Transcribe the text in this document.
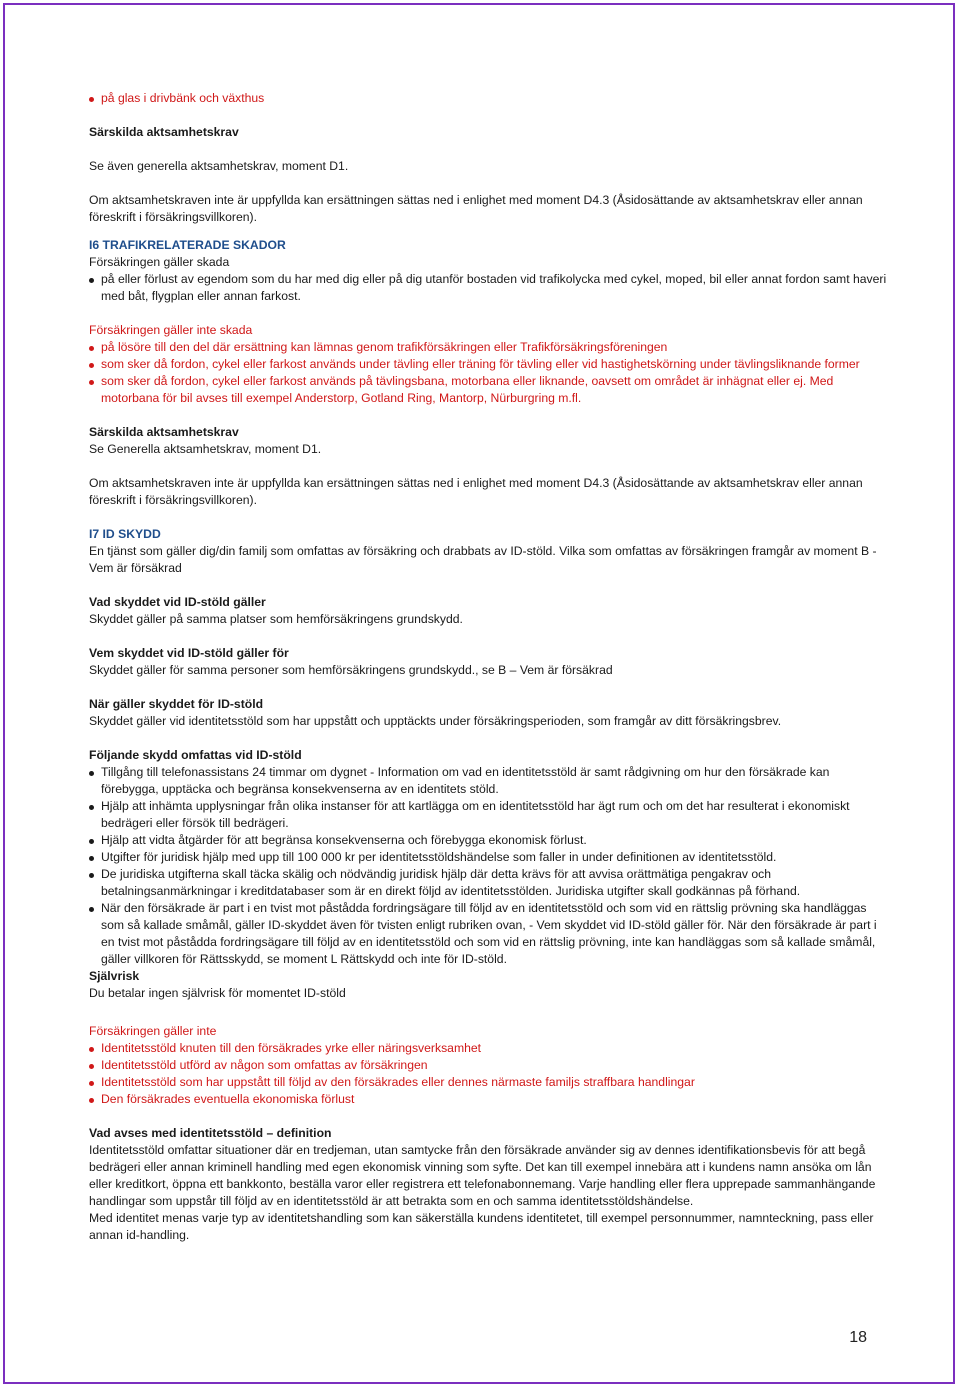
på glas i drivbänk och växthus

Särskilda aktsamhetskrav

Se även generella aktsamhetskrav, moment D1.

Om aktsamhetskraven inte är uppfyllda kan ersättningen sättas ned i enlighet med moment D4.3 (Åsidosättande av aktsamhetskrav eller annan föreskrift i försäkringsvillkoren).

I6 TRAFIKRELATERADE SKADOR

Försäkringen gäller skada

på eller förlust av egendom som du har med dig eller på dig utanför bostaden vid trafikolycka med cykel, moped, bil eller annat fordon samt haveri med båt, flygplan eller annan farkost.

Försäkringen gäller inte skada

på lösöre till den del där ersättning kan lämnas genom trafikförsäkringen eller Trafikförsäkringsföreningen
som sker då fordon, cykel eller farkost används under tävling eller träning för tävling eller vid hastighetskörning under tävlingsliknande former
som sker då fordon, cykel eller farkost används på tävlingsbana, motorbana eller liknande, oavsett om området är inhägnat eller ej. Med motorbana för bil avses till exempel Anderstorp, Gotland Ring, Mantorp, Nürburgring m.fl.

Särskilda aktsamhetskrav

Se Generella aktsamhetskrav, moment D1.

Om aktsamhetskraven inte är uppfyllda kan ersättningen sättas ned i enlighet med moment D4.3 (Åsidosättande av aktsamhetskrav eller annan föreskrift i försäkringsvillkoren).

I7 ID SKYDD

En tjänst som gäller dig/din familj som omfattas av försäkring och drabbats av ID-stöld. Vilka som omfattas av försäkringen framgår av moment B - Vem är försäkrad

Vad skyddet vid ID-stöld gäller

Skyddet gäller på samma platser som hemförsäkringens grundskydd.

Vem skyddet vid ID-stöld gäller för

Skyddet gäller för samma personer som hemförsäkringens grundskydd., se B – Vem är försäkrad

När gäller skyddet för ID-stöld

Skyddet gäller vid identitetsstöld som har uppstått och upptäckts under försäkringsperioden, som framgår av ditt försäkringsbrev.

Följande skydd omfattas vid ID-stöld

Tillgång till telefonassistans 24 timmar om dygnet - Information om vad en identitetsstöld är samt rådgivning om hur den försäkrade kan förebygga, upptäcka och begränsa konsekvenserna av en identitets stöld.
Hjälp att inhämta upplysningar från olika instanser för att kartlägga om en identitetsstöld har ägt rum och om det har resulterat i ekonomiskt bedrägeri eller försök till bedrägeri.
Hjälp att vidta åtgärder för att begränsa konsekvenserna och förebygga ekonomisk förlust.
Utgifter för juridisk hjälp med upp till 100 000 kr per identitetsstöldshändelse som faller in under definitionen av identitetsstöld.
De juridiska utgifterna skall täcka skälig och nödvändig juridisk hjälp där detta krävs för att avvisa orättmätiga pengakrav och betalningsanmärkningar i kreditdatabaser som är en direkt följd av identitetsstölden. Juridiska utgifter skall godkännas på förhand.
När den försäkrade är part i en tvist mot påstådda fordringsägare till följd av en identitetsstöld och som vid en rättslig prövning ska handläggas som så kallade småmål, gäller ID-skyddet även för tvisten enligt rubriken ovan, - Vem skyddet vid ID-stöld gäller för. När den försäkrade är part i en tvist mot påstådda fordringsägare till följd av en identitetsstöld och som vid en rättslig prövning, inte kan handläggas som så kallade småmål, gäller villkoren för Rättsskydd, se moment L Rättskydd och inte för ID-stöld.

Självrisk

Du betalar ingen självrisk för momentet ID-stöld

Försäkringen gäller inte

Identitetsstöld knuten till den försäkrades yrke eller näringsverksamhet
Identitetsstöld utförd av någon som omfattas av försäkringen
Identitetsstöld som har uppstått till följd av den försäkrades eller dennes närmaste familjs straffbara handlingar
Den försäkrades eventuella ekonomiska förlust

Vad avses med identitetsstöld – definition

Identitetsstöld omfattar situationer där en tredjeman, utan samtycke från den försäkrade använder sig av dennes identifikationsbevis för att begå bedrägeri eller annan kriminell handling med egen ekonomisk vinning som syfte. Det kan till exempel innebära att i kundens namn ansöka om lån eller kreditkort, öppna ett bankkonto, beställa varor eller registrera ett telefonabonnemang. Varje handling eller flera upprepade sammanhängande handlingar som uppstår till följd av en identitetsstöld är att betrakta som en och samma identitetsstöldshändelse.

Med identitet menas varje typ av identitetshandling som kan säkerställa kundens identitetet, till exempel personnummer, namnteckning, pass eller annan id-handling.

18
